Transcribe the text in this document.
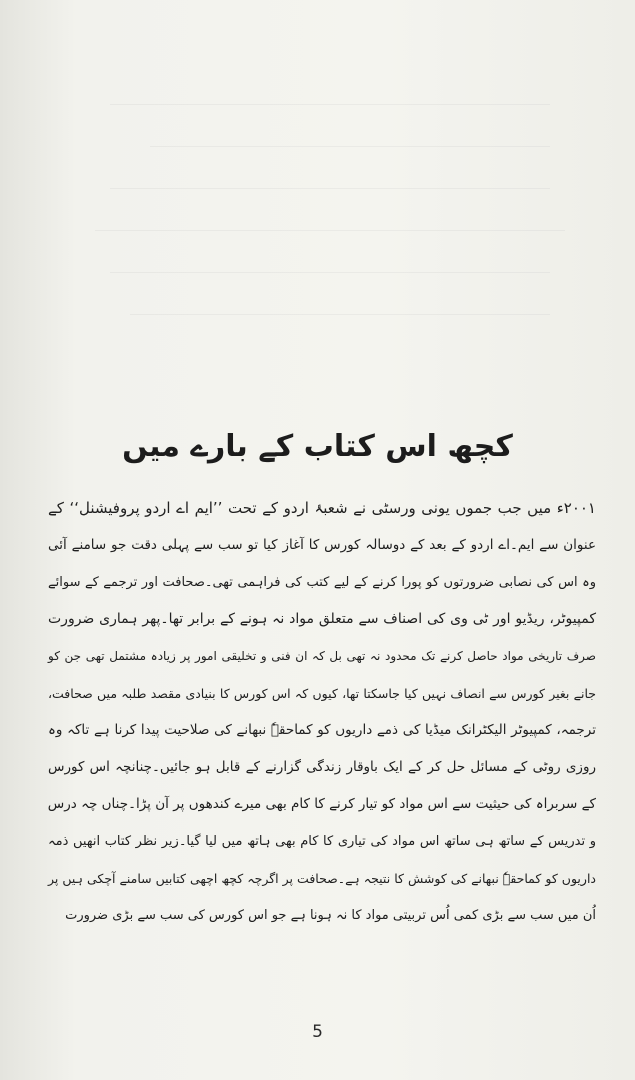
کچھ اس کتاب کے بارے میں
۲۰۰۱ء میں جب جموں یونی ورسٹی نے شعبۂ اردو کے تحت ’’ایم اے اردو پروفیشنل‘‘ کے
عنوان سے ایم۔اے اردو کے بعد کے دوسالہ کورس کا آغاز کیا تو سب سے پہلی دقت جو سامنے آئی
وہ اس کی نصابی ضرورتوں کو پورا کرنے کے لیے کتب کی فراہمی تھی۔صحافت اور ترجمے کے سوائے
کمپیوٹر، ریڈیو اور ٹی وی کی اصناف سے متعلق مواد نہ ہونے کے برابر تھا۔پھر ہماری ضرورت
صرف تاریخی مواد حاصل کرنے تک محدود نہ تھی بل کہ ان فنی و تخلیقی امور پر زیادہ مشتمل تھی جن کو
جانے بغیر کورس سے انصاف نہیں کیا جاسکتا تھا، کیوں کہ اس کورس کا بنیادی مقصد طلبہ میں صحافت،
ترجمہ، کمپیوٹر الیکٹرانک میڈیا کی ذمے داریوں کو کماحقہٗ نبھانے کی صلاحیت پیدا کرنا ہے تاکہ وہ
روزی روٹی کے مسائل حل کر کے ایک باوقار زندگی گزارنے کے قابل ہو جائیں۔چنانچہ اس کورس
کے سربراہ کی حیثیت سے اس مواد کو تیار کرنے کا کام بھی میرے کندھوں پر آن پڑا۔چناں چہ درس
و تدریس کے ساتھ ہی ساتھ اس مواد کی تیاری کا کام بھی ہاتھ میں لیا گیا۔زیر نظر کتاب انھیں ذمہ
داریوں کو کماحقہٗ نبھانے کی کوشش کا نتیجہ ہے۔صحافت پر اگرچہ کچھ اچھی کتابیں سامنے آچکی ہیں پر
اُن میں سب سے بڑی کمی اُس تربیتی مواد کا نہ ہونا ہے جو اس کورس کی سب سے بڑی ضرورت
5
